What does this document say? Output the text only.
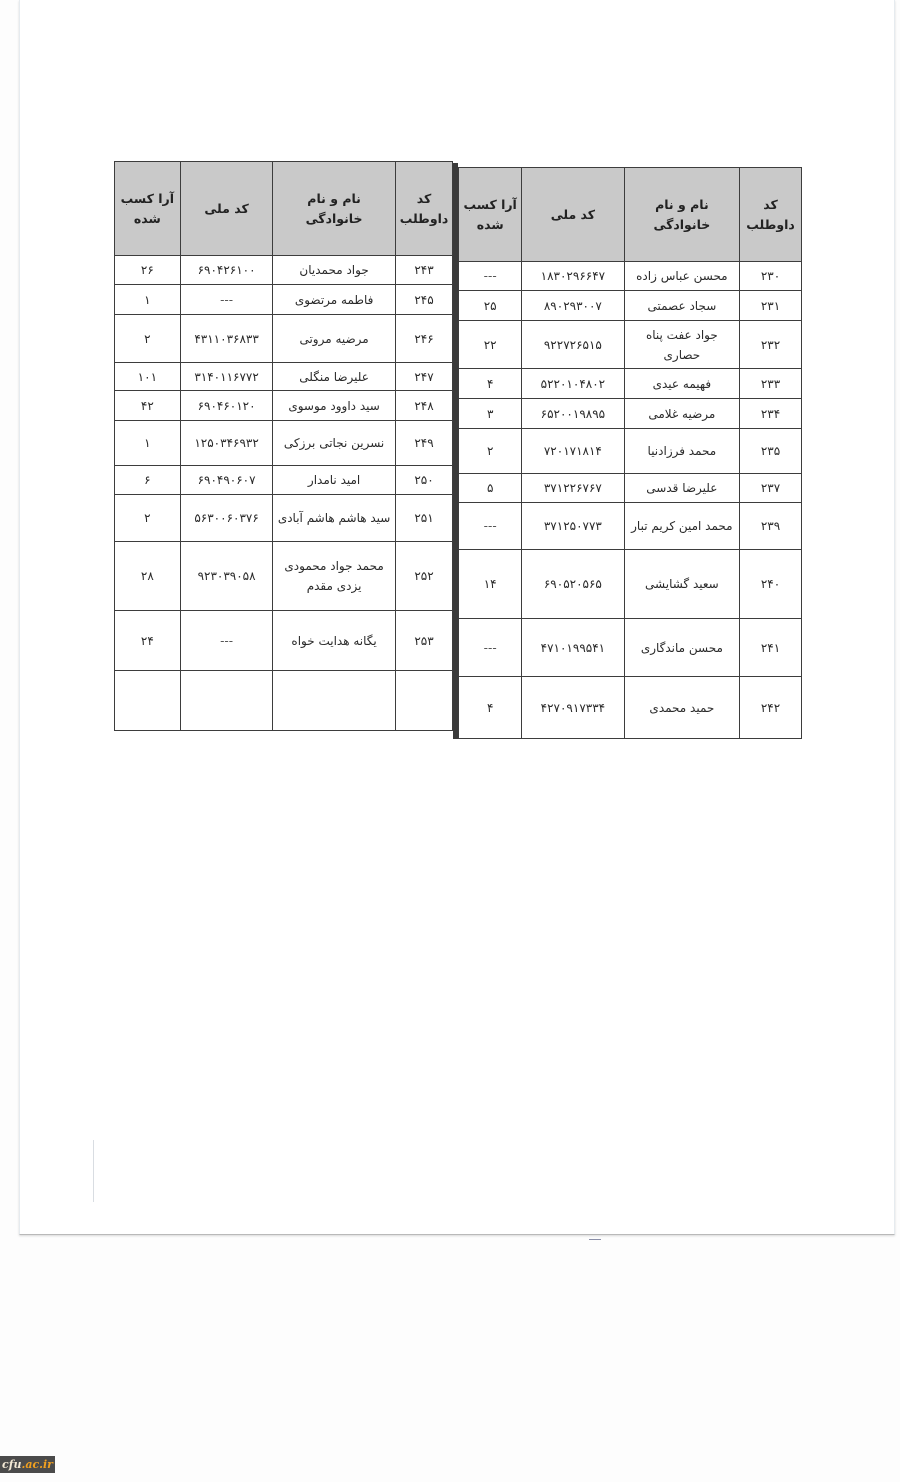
کد داوطلب	نام و نام خانوادگی	کد ملی	آرا کسب شده
۲۳۰	محسن عباس زاده	۱۸۳۰۲۹۶۶۴۷	---
۲۳۱	سجاد عصمتی	۸۹۰۲۹۳۰۰۷	۲۵
۲۳۲	جواد عفت پناه حصاری	۹۲۲۷۲۶۵۱۵	۲۲
۲۳۳	فهیمه عیدی	۵۲۲۰۱۰۴۸۰۲	۴
۲۳۴	مرضیه غلامی	۶۵۲۰۰۱۹۸۹۵	۳
۲۳۵	محمد فرزادنیا	۷۲۰۱۷۱۸۱۴	۲
۲۳۷	علیرضا قدسی	۳۷۱۲۲۶۷۶۷	۵
۲۳۹	محمد امین کریم تبار	۳۷۱۲۵۰۷۷۳	---
۲۴۰	سعید گشایشی	۶۹۰۵۲۰۵۶۵	۱۴
۲۴۱	محسن ماندگاری	۴۷۱۰۱۹۹۵۴۱	---
۲۴۲	حمید محمدی	۴۲۷۰۹۱۷۳۳۴	۴
کد داوطلب	نام و نام خانوادگی	کد ملی	آرا کسب شده
۲۴۳	جواد محمدیان	۶۹۰۴۲۶۱۰۰	۲۶
۲۴۵	فاطمه مرتضوی	---	۱
۲۴۶	مرضیه مروتی	۴۳۱۱۰۳۶۸۳۳	۲
۲۴۷	علیرضا منگلی	۳۱۴۰۱۱۶۷۷۲	۱۰۱
۲۴۸	سید داوود موسوی	۶۹۰۴۶۰۱۲۰	۴۲
۲۴۹	نسرین نجاتی برزکی	۱۲۵۰۳۴۶۹۳۲	۱
۲۵۰	امید نامدار	۶۹۰۴۹۰۶۰۷	۶
۲۵۱	سید هاشم هاشم آبادی	۵۶۳۰۰۶۰۳۷۶	۲
۲۵۲	محمد جواد محمودی یزدی مقدم	۹۲۳۰۳۹۰۵۸	۲۸
۲۵۳	یگانه هدایت خواه	---	۲۴

cfu.ac.ir
